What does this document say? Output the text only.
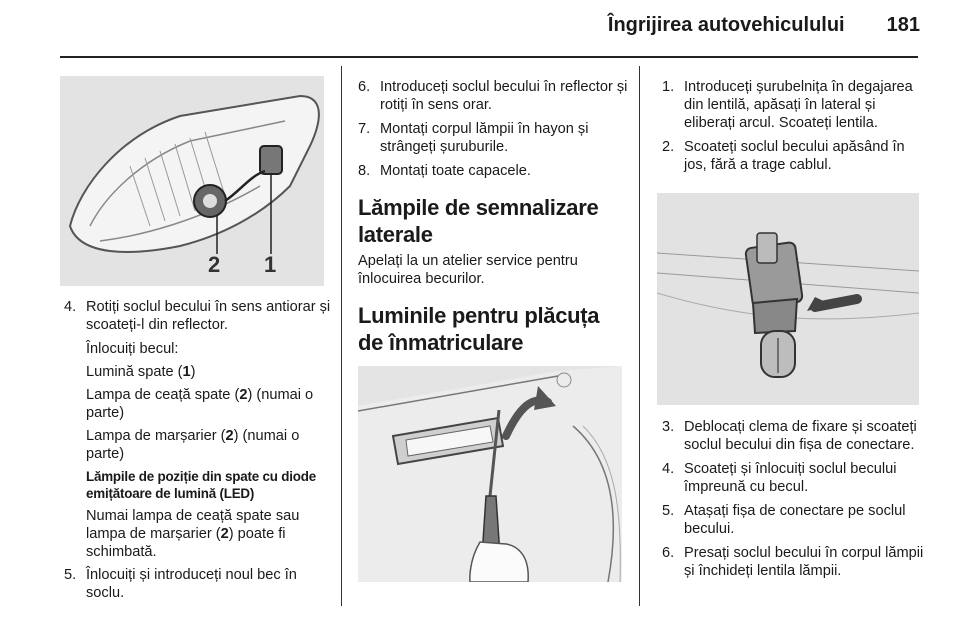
Îngrijirea autovehiculului 181
2 1
4. Rotiți soclul becului în sens antiorar și scoateți-l din reflector.

Înlocuiți becul:

Lumină spate (1)

Lampa de ceață spate (2) (numai o parte)

Lampa de marșarier (2) (numai o parte)

Lămpile de poziție din spate cu diode emițătoare de lumină (LED)

Numai lampa de ceață spate sau lampa de marșarier (2) poate fi schimbată.

5. Înlocuiți și introduceți noul bec în soclu.
6. Introduceți soclul becului în reflector și rotiți în sens orar.
7. Montați corpul lămpii în hayon și strângeți șuruburile.
8. Montați toate capacele.
Lămpile de semnalizare laterale

Apelați la un atelier service pentru înlocuirea becurilor.

Luminile pentru plăcuța de înmatriculare
1. Introduceți șurubelnița în degajarea din lentilă, apăsați în lateral și eliberați arcul. Scoateți lentila.
2. Scoateți soclul becului apăsând în jos, fără a trage cablul.
3. Deblocați clema de fixare și scoateți soclul becului din fișa de conectare.
4. Scoateți și înlocuiți soclul becului împreună cu becul.
5. Atașați fișa de conectare pe soclul becului.
6. Presați soclul becului în corpul lămpii și închideți lentila lămpii.
